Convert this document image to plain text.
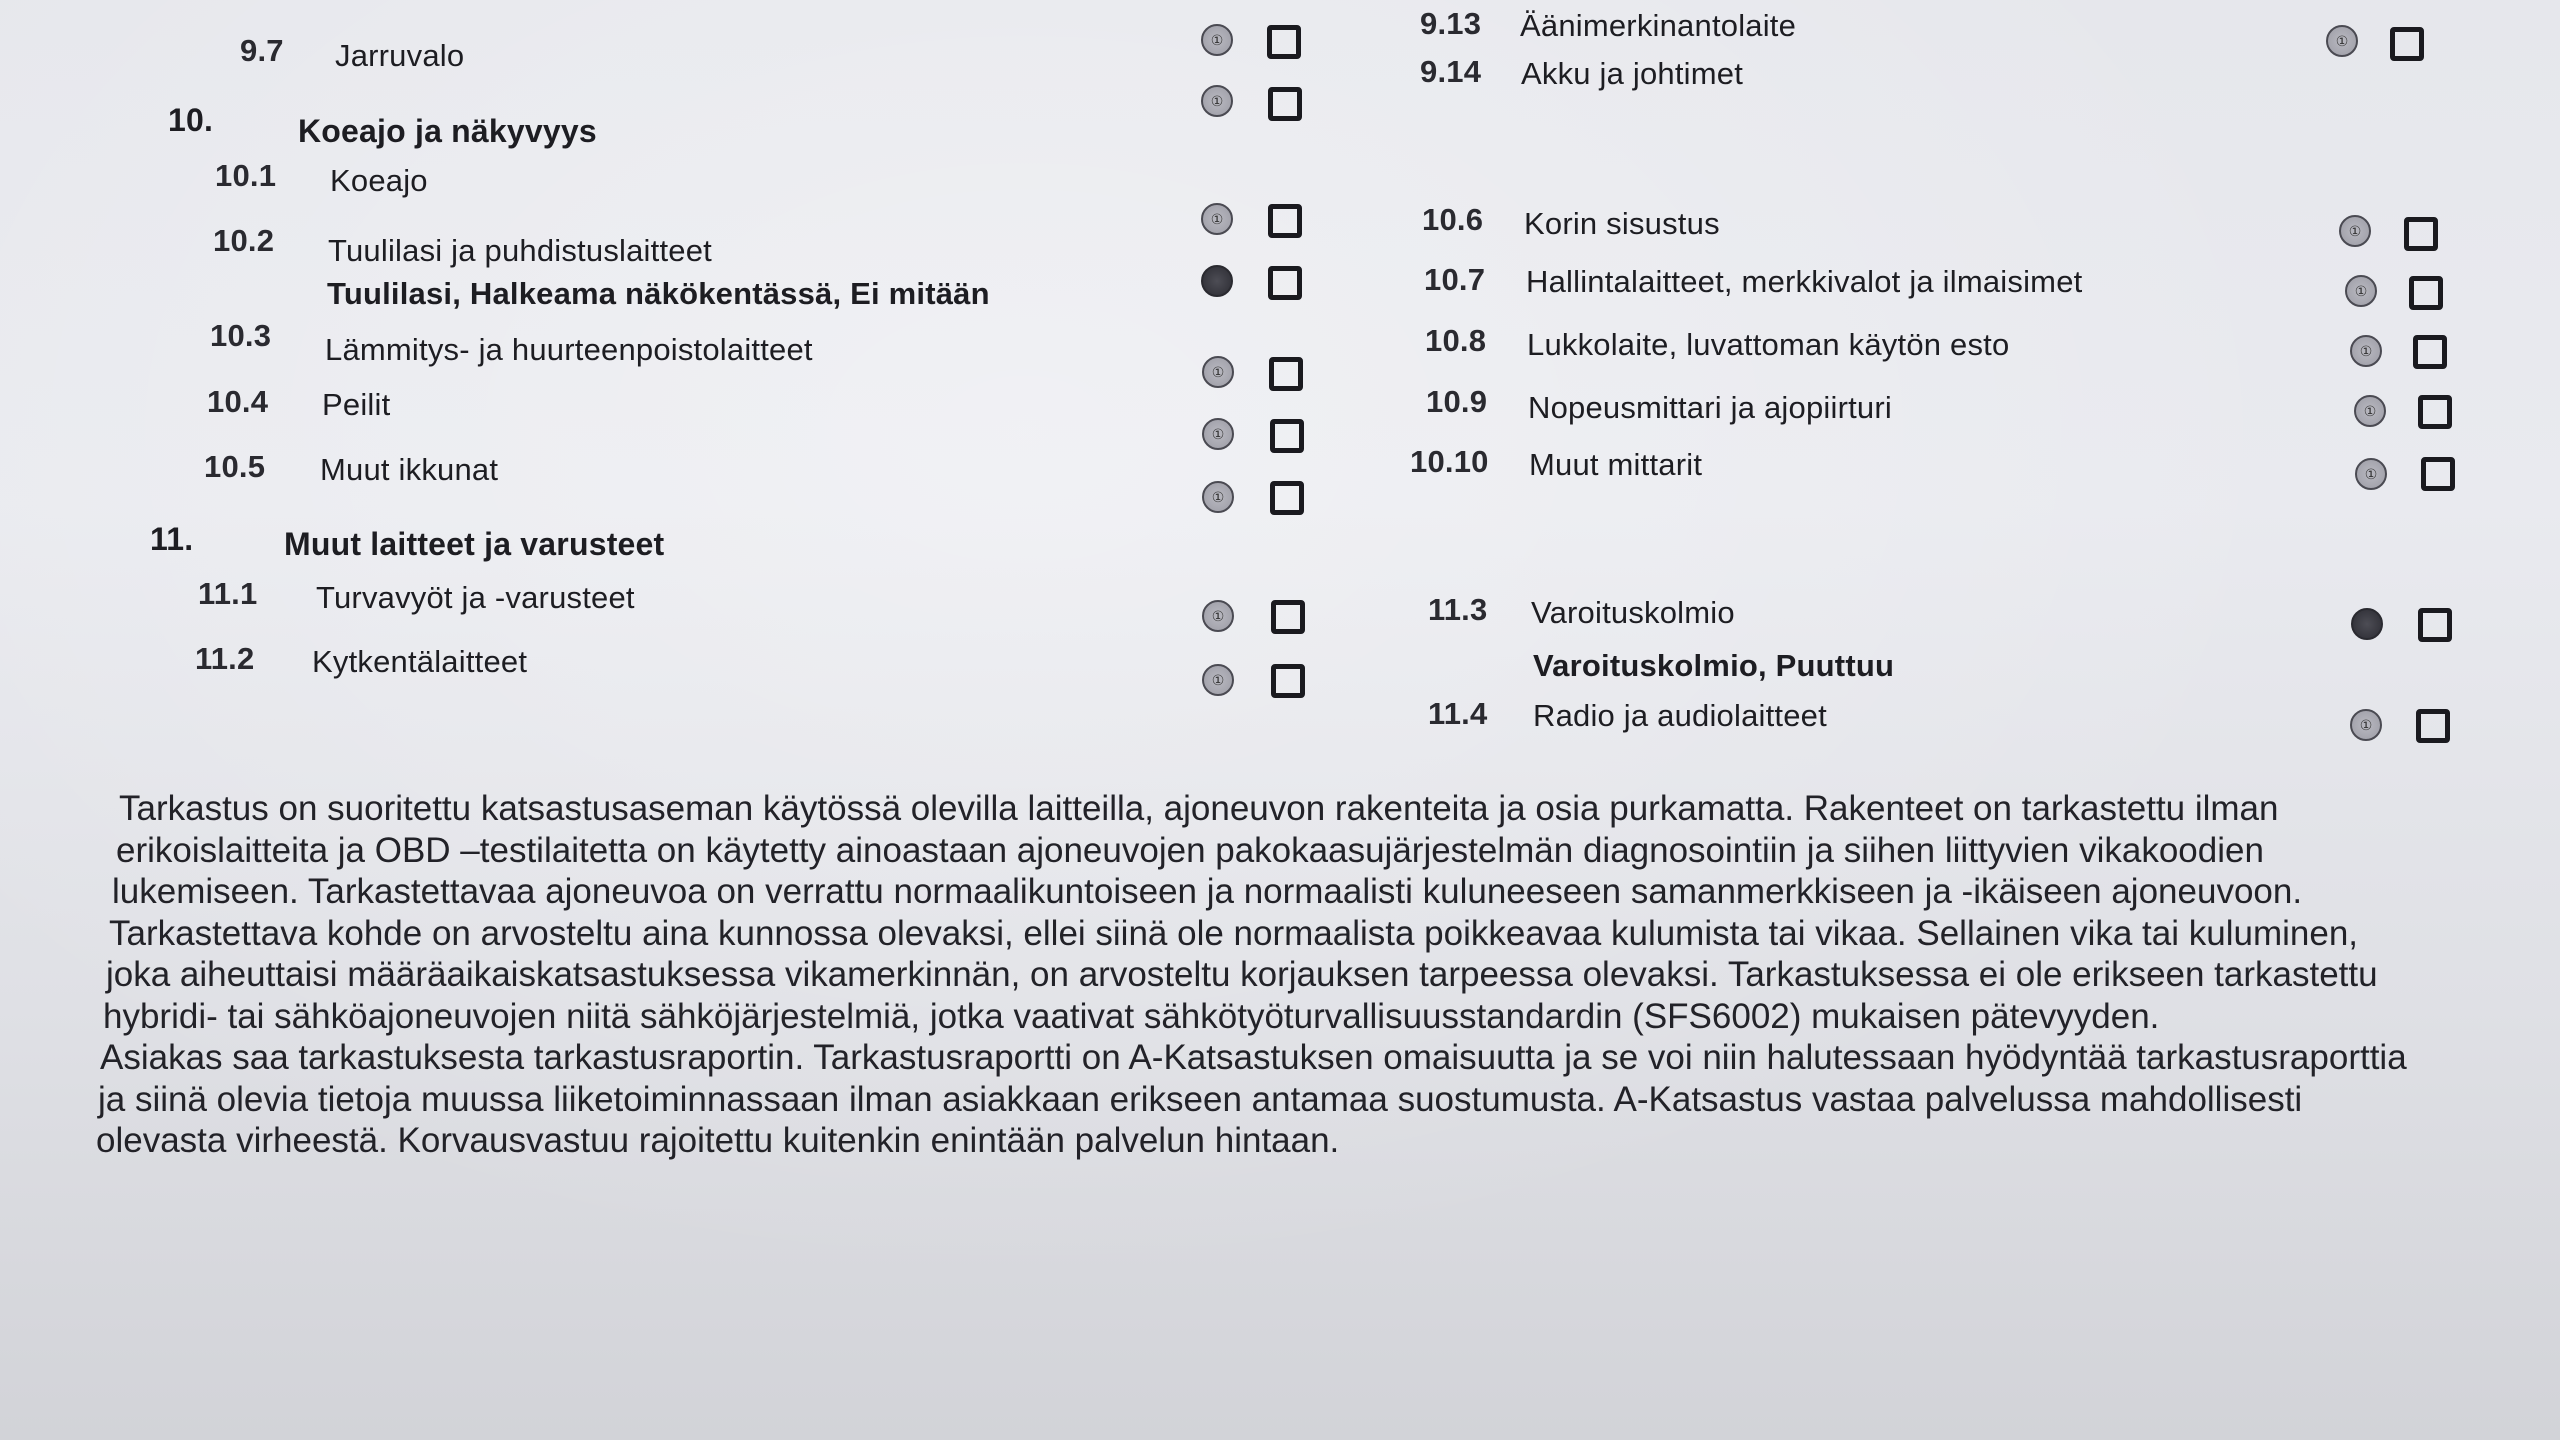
9.7 Jarruvalo
10.	Koeajo ja näkyvyys
10.1 Koeajo
10.2 Tuulilasi ja puhdistuslaitteet
Tuulilasi, Halkeama näkökentässä, Ei mitään
10.3 Lämmitys- ja huurteenpoistolaitteet
10.4 Peilit
10.5 Muut ikkunat
11.	Muut laitteet ja varusteet
11.1 Turvavyöt ja -varusteet
11.2 Kytkentälaitteet
①
①
①
①
①
①
①
①
9.13 Äänimerkinantolaite
9.14 Akku ja johtimet
10.6 Korin sisustus
10.7 Hallintalaitteet, merkkivalot ja ilmaisimet
10.8 Lukkolaite, luvattoman käytön esto
10.9 Nopeusmittari ja ajopiirturi
10.10 Muut mittarit
11.3 Varoituskolmio
Varoituskolmio, Puuttuu
11.4 Radio ja audiolaitteet
①
①
①
①
①
①
①

Tarkastus on suoritettu katsastusaseman käytössä olevilla laitteilla, ajoneuvon rakenteita ja osia purkamatta. Rakenteet on tarkastettu ilman

erikoislaitteita ja OBD –testilaitetta on käytetty ainoastaan ajoneuvojen pakokaasujärjestelmän diagnosointiin ja siihen liittyvien vikakoodien

lukemiseen. Tarkastettavaa ajoneuvoa on verrattu normaalikuntoiseen ja normaalisti kuluneeseen samanmerkkiseen ja -ikäiseen ajoneuvoon.

Tarkastettava kohde on arvosteltu aina kunnossa olevaksi, ellei siinä ole normaalista poikkeavaa kulumista tai vikaa. Sellainen vika tai kuluminen,

joka aiheuttaisi määräaikaiskatsastuksessa vikamerkinnän, on arvosteltu korjauksen tarpeessa olevaksi. Tarkastuksessa ei ole erikseen tarkastettu

hybridi- tai sähköajoneuvojen niitä sähköjärjestelmiä, jotka vaativat sähkötyöturvallisuusstandardin (SFS6002) mukaisen pätevyyden.

Asiakas saa tarkastuksesta tarkastusraportin. Tarkastusraportti on A-Katsastuksen omaisuutta ja se voi niin halutessaan hyödyntää tarkastusraporttia

ja siinä olevia tietoja muussa liiketoiminnassaan ilman asiakkaan erikseen antamaa suostumusta. A-Katsastus vastaa palvelussa mahdollisesti

olevasta virheestä. Korvausvastuu rajoitettu kuitenkin enintään palvelun hintaan.
